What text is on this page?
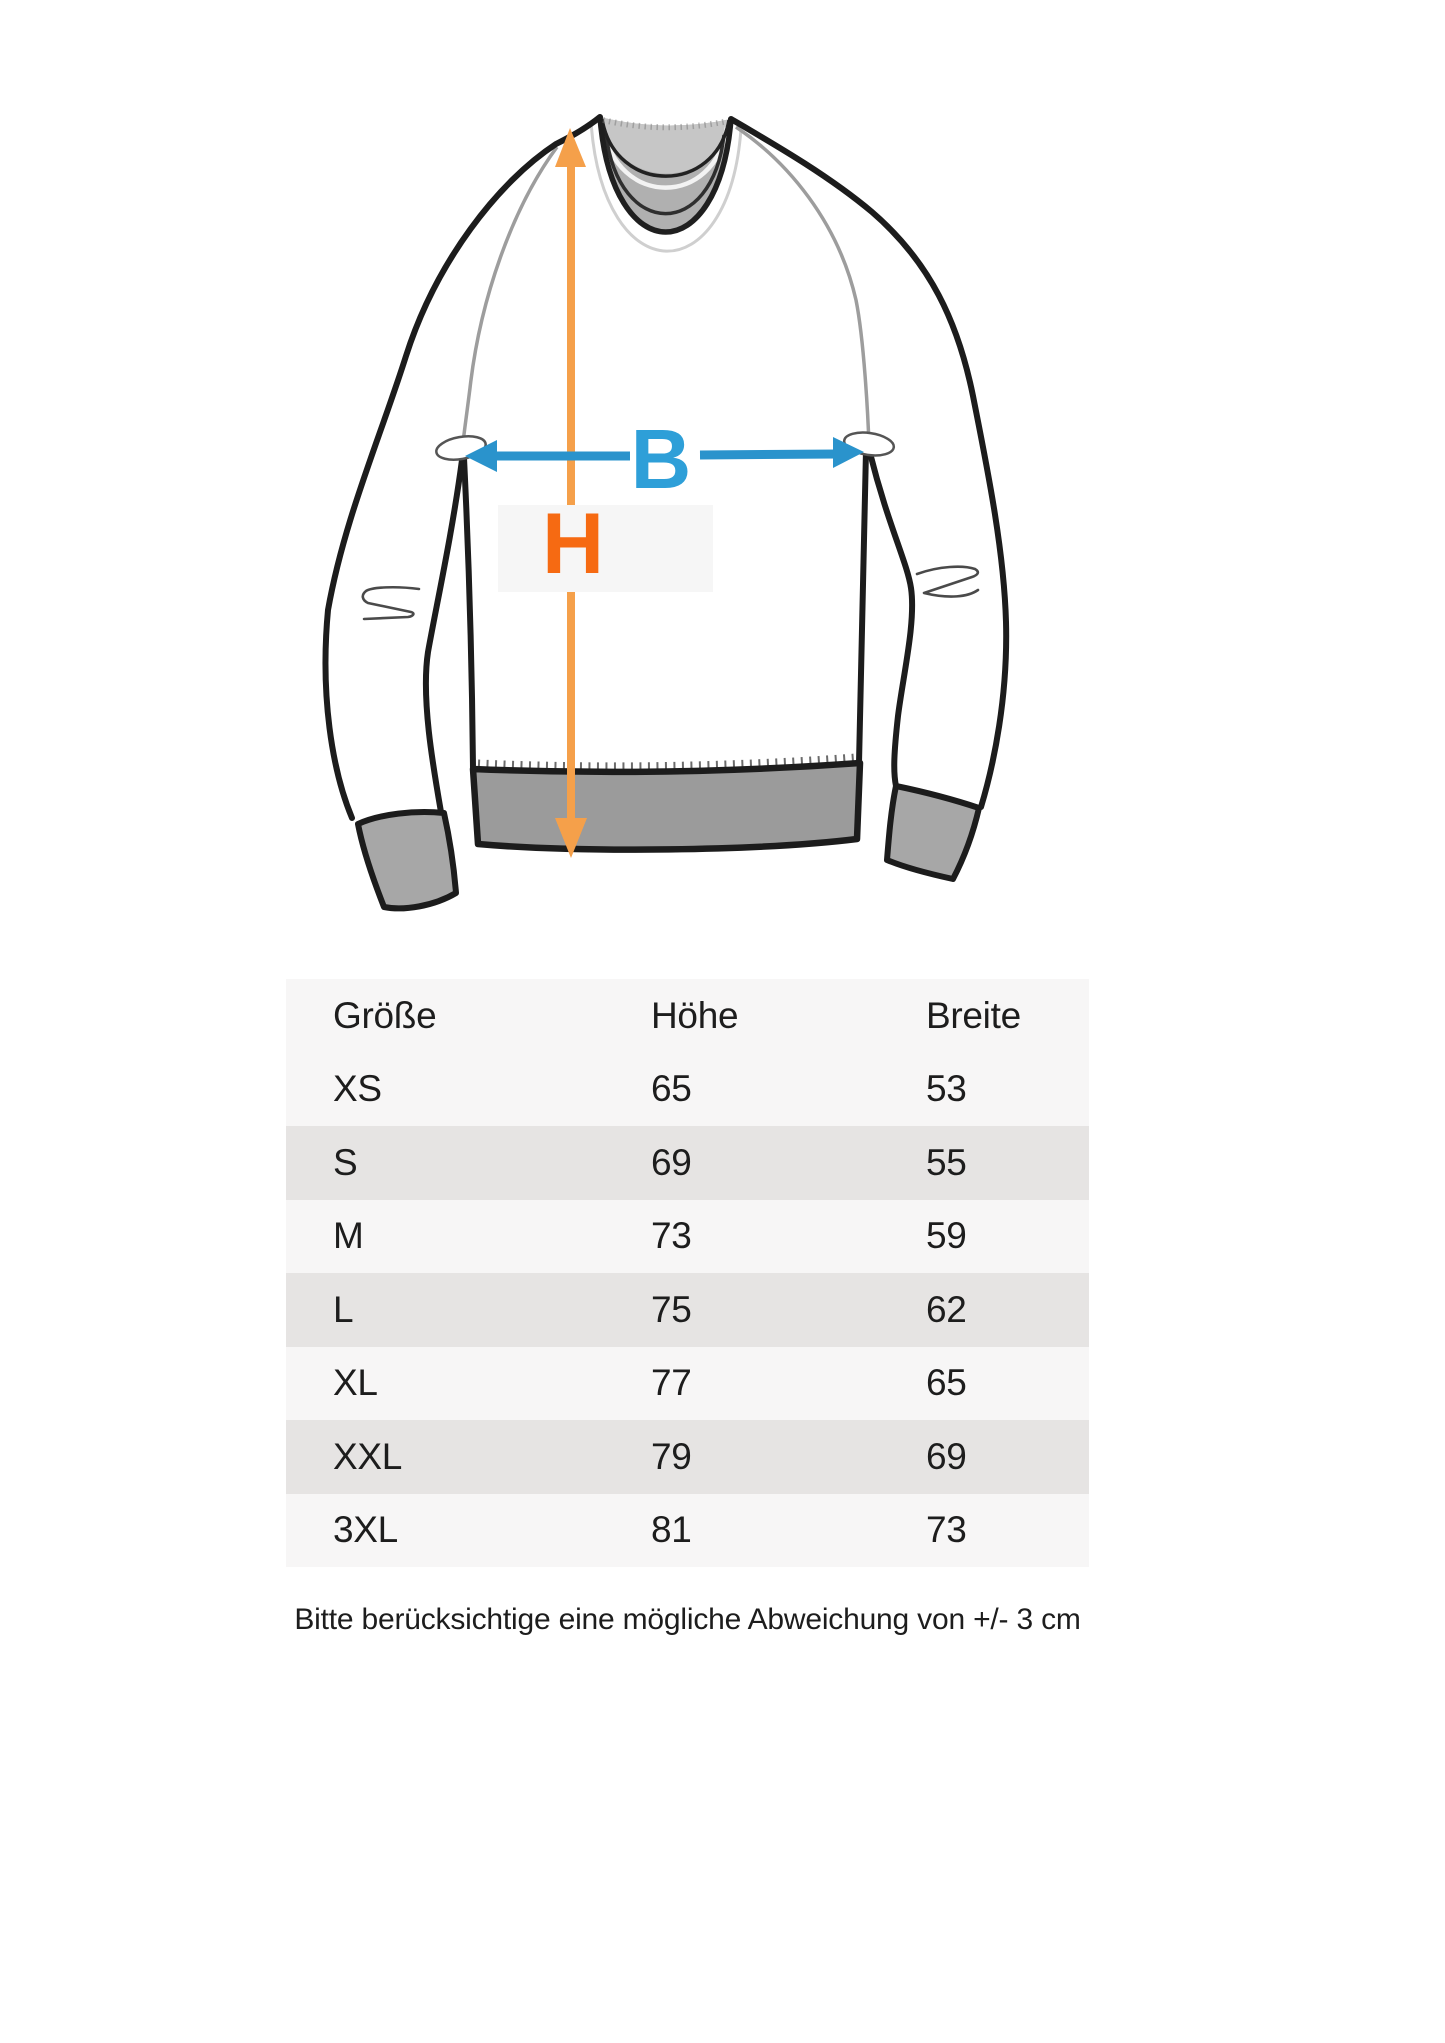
B
H
Größe	Höhe	Breite
XS	65	53
S	69	55
M	73	59
L	75	62
XL	77	65
XXL	79	69
3XL	81	73
Bitte berücksichtige eine mögliche Abweichung von +/- 3 cm
